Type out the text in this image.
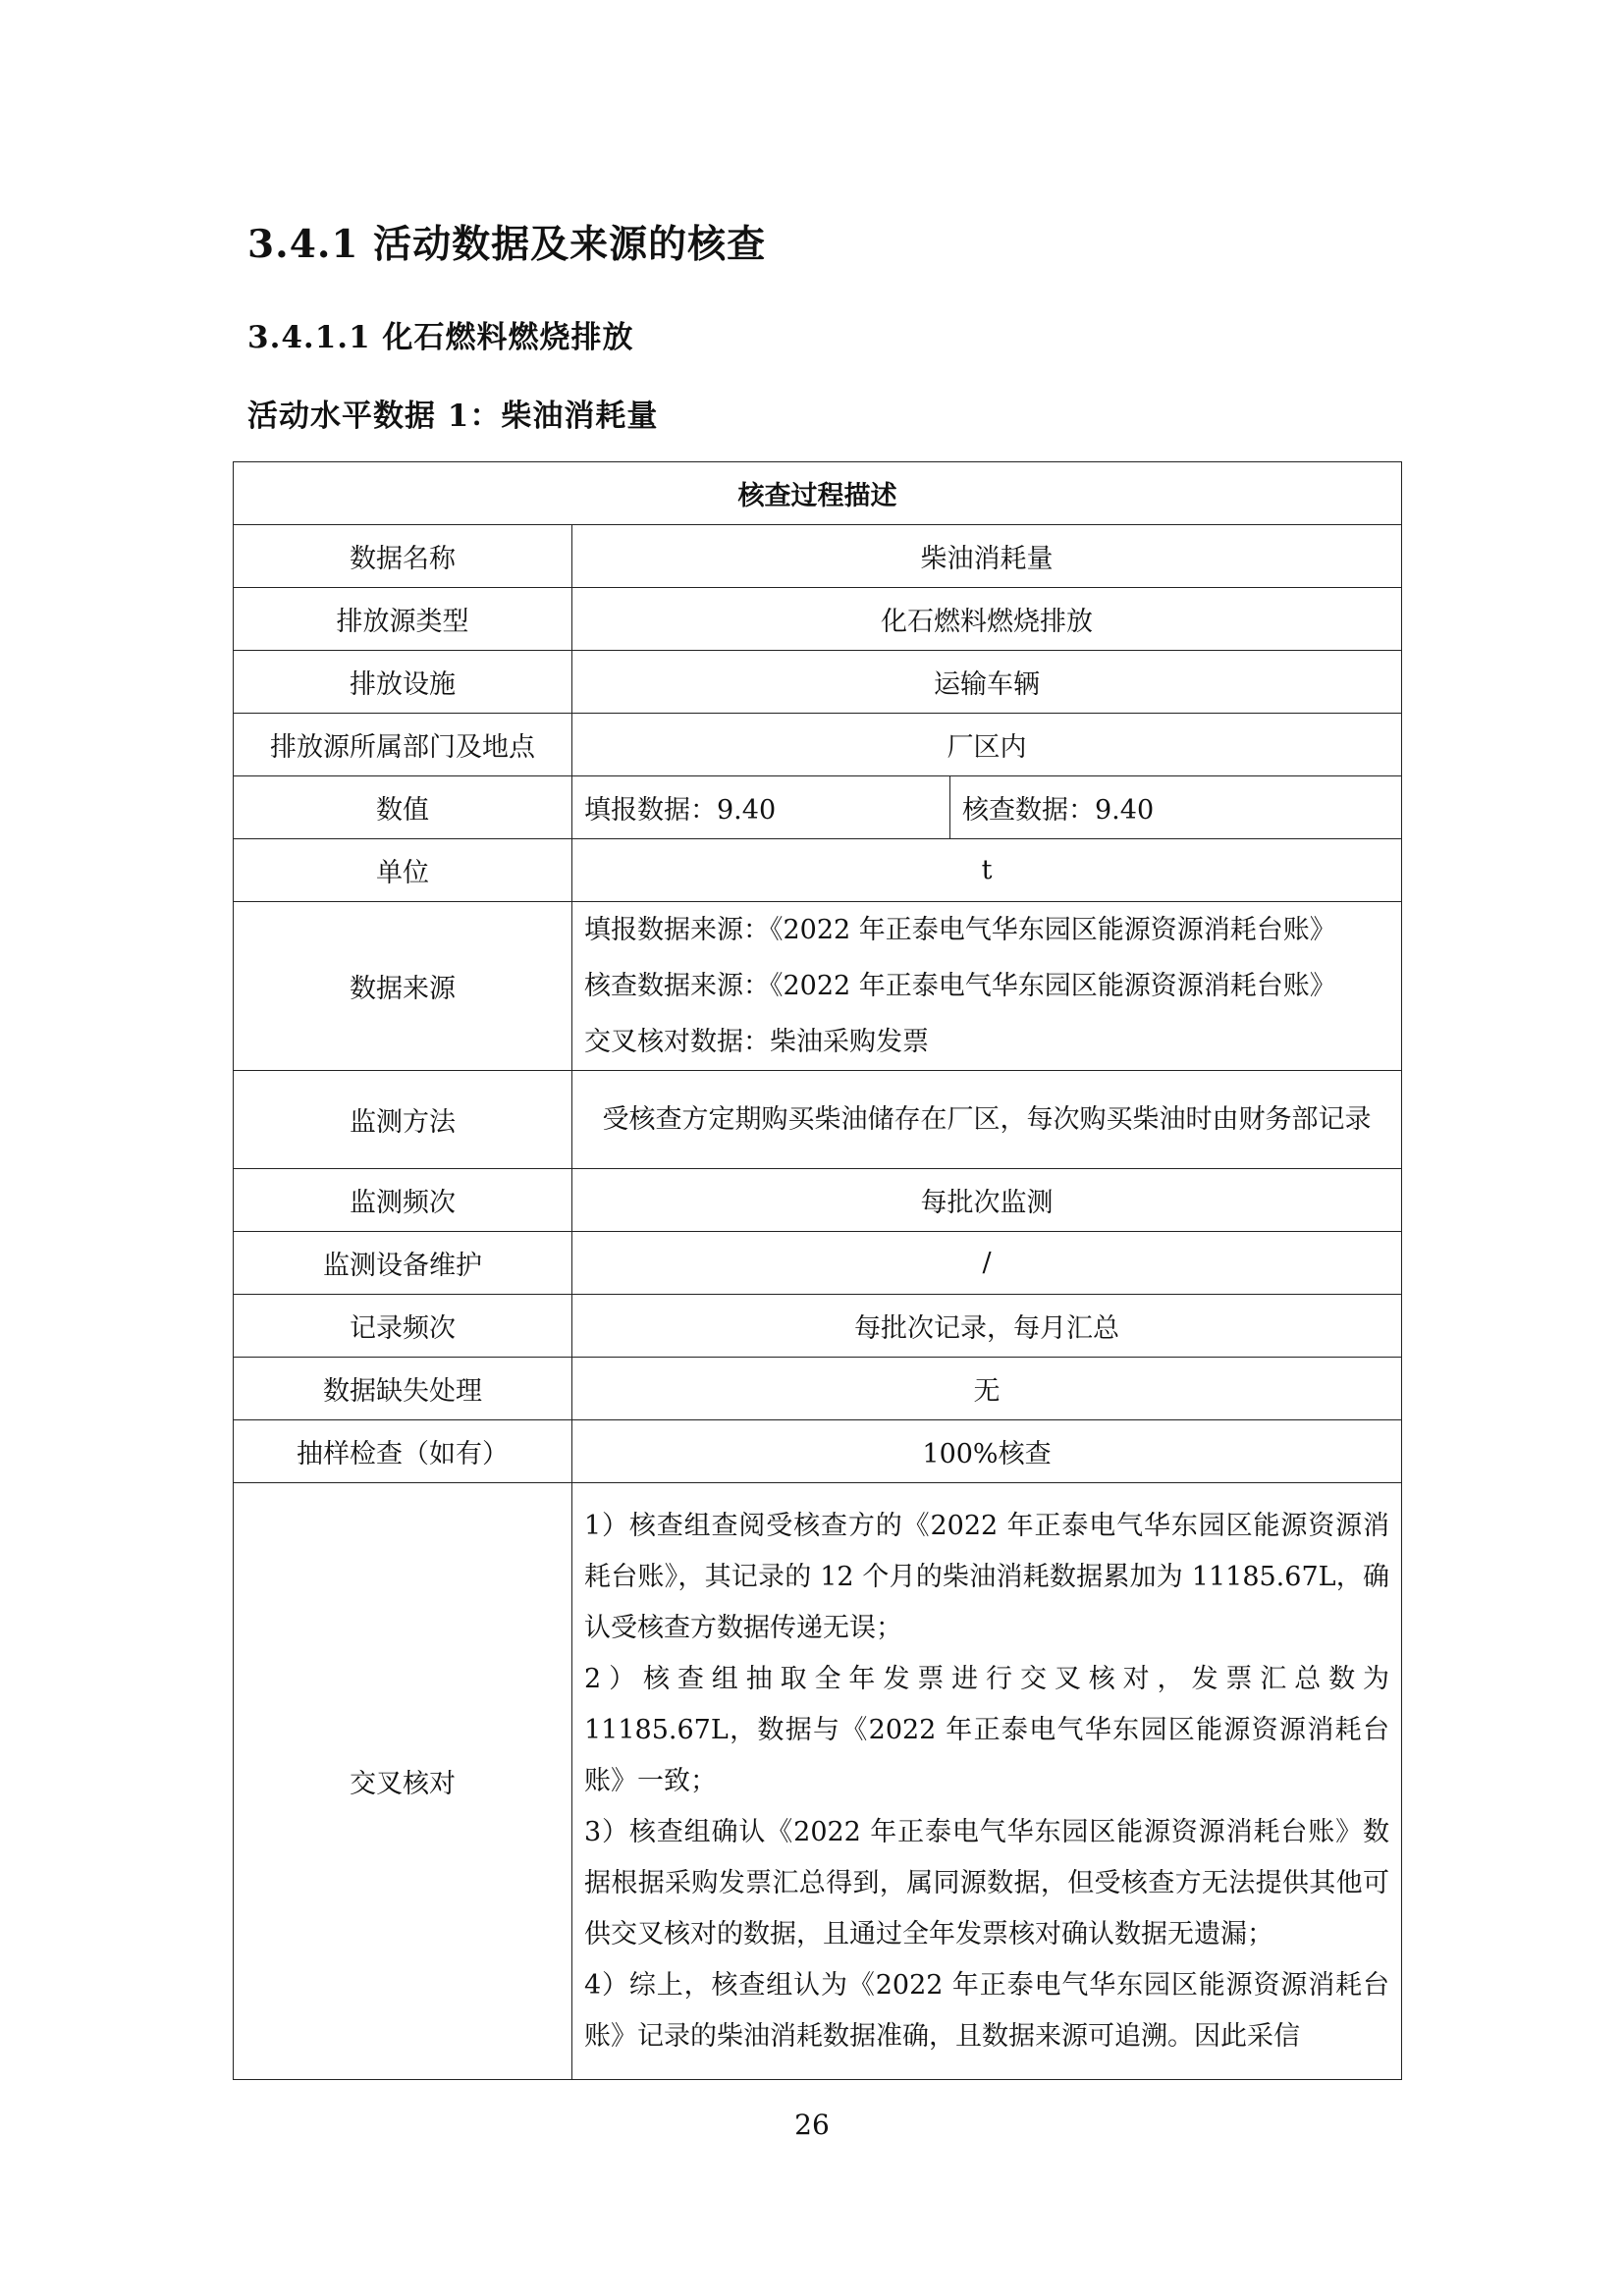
3.4.1 活动数据及来源的核查
3.4.1.1 化石燃料燃烧排放
活动水平数据 1：柴油消耗量
核查过程描述		
数据名称	柴油消耗量	
排放源类型	化石燃料燃烧排放	
排放设施	运输车辆	
排放源所属部门及地点	厂区内	
数值	填报数据：9.40	核查数据：9.40
单位	t	
数据来源	填报数据来源：《2022 年正泰电气华东园区能源资源消耗台账》
核查数据来源：《2022 年正泰电气华东园区能源资源消耗台账》
交叉核对数据：柴油采购发票	

监测方法	受核查方定期购买柴油储存在厂区，每次购买柴油时由财务部记录	

监测频次	每批次监测	
监测设备维护	/	
记录频次	每批次记录，每月汇总	
数据缺失处理	无	
抽样检查（如有）	100%核查	
交叉核对	1）核查组查阅受核查方的《2022 年正泰电气华东园区能源资源消耗台账》，其记录的 12 个月的柴油消耗数据累加为 11185.67L，确认受核查方数据传递无误；
2）核查组抽取全年发票进行交叉核对，发票汇总数为 11185.67L，数据与《2022 年正泰电气华东园区能源资源消耗台账》一致；
3）核查组确认《2022 年正泰电气华东园区能源资源消耗台账》数据根据采购发票汇总得到，属同源数据，但受核查方无法提供其他可供交叉核对的数据，且通过全年发票核对确认数据无遗漏；
4）综上，核查组认为《2022 年正泰电气华东园区能源资源消耗台账》记录的柴油消耗数据准确，且数据来源可追溯。因此采信	
26
